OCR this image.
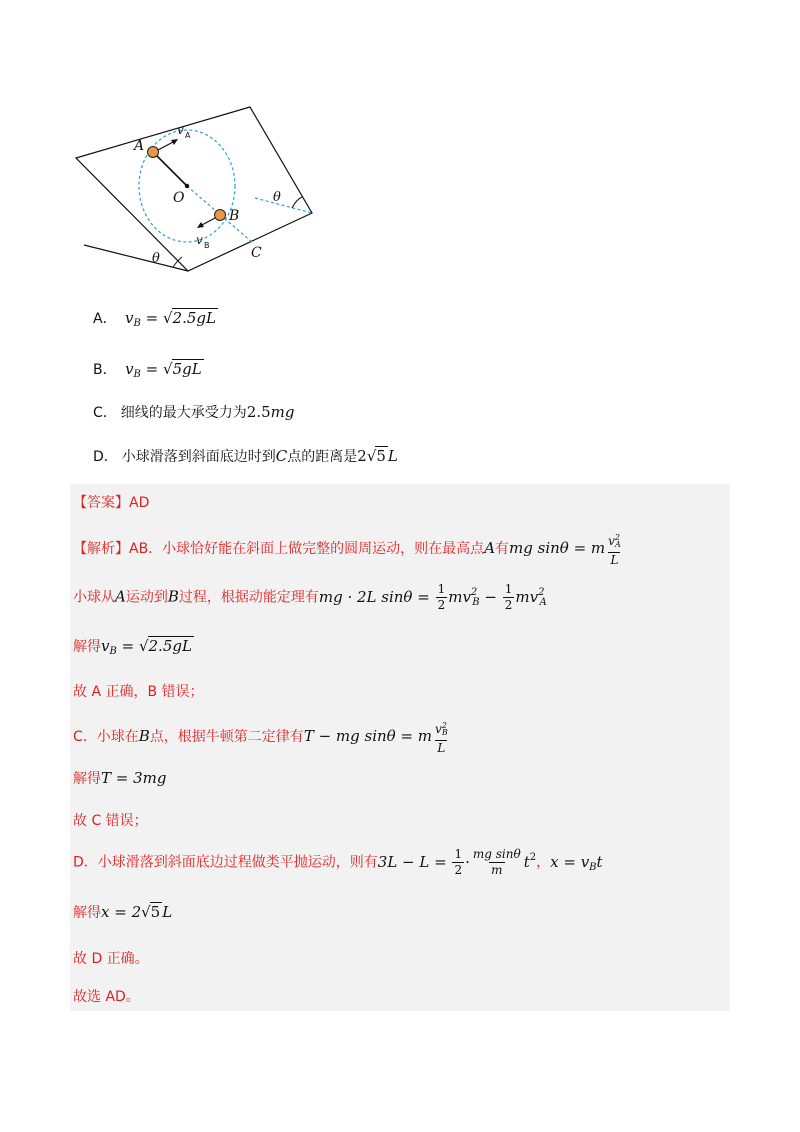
A
v A
O
B
v B	C
θ
θ
A． $v_B = √2.5gL$
B． $v_B = √5gL$
C． 细线的最大承受力为2.5mg
D． 小球滑落到斜面底边时到C点的距离是2√5 L
【答案】AD
【解析】AB．小球恰好能在斜面上做完整的圆周运动，则在最高点A有mg sinθ = m $\frac{v^2_A}{L}$
小球从A运动到B过程，根据动能定理有mg · 2L $\sin\theta = \frac{1}{2} mv^2_B - \frac{1}{2} mv^2_A$
解得$v_B = √2.5gL$
故 A 正确，B 错误；
C．小球在B点，根据牛顿第二定律有T − mg sinθ = m $\frac{v^2_B}{L}$
解得T = 3mg
故 C 错误；
D．小球滑落到斜面底边过程做类平抛运动，则有$3L - L = \frac{1}{2} \cdot \frac{\text{mg sinθ}}{m} t^2$，$x = v_Bt$
解得x = 2√5 L
故 D 正确。
故选 AD。
